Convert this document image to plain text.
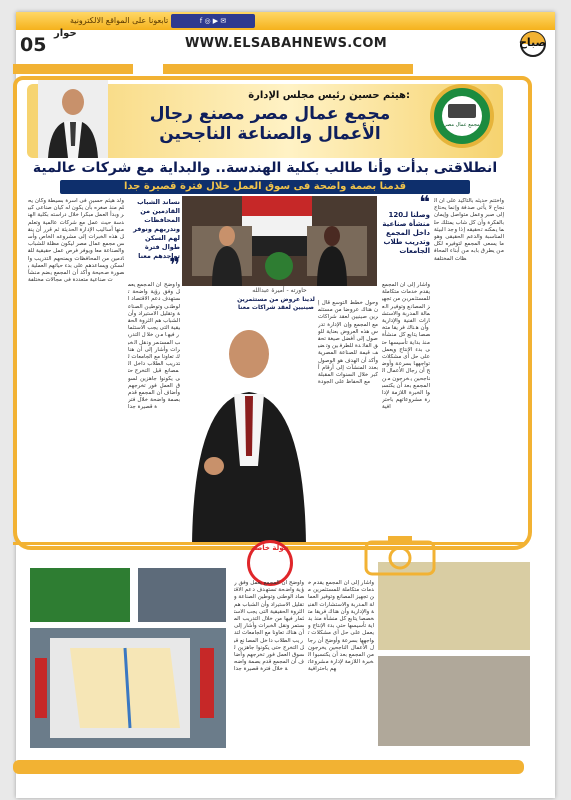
f ◎ ▶ ✉
تابعونا على المواقع الالكترونية
05
حوار
WWW.ELSABAHNEWS.COM	صباح
هيثم حسين رئيس مجلس الإدارة:
مجمع عمال مصر مصنع رجال
الأعمال والصناعة الناجحين	مجمع عمال مصر
انطلاقتى بدأت وأنا طالب بكلية الهندسة.. والبداية مع شركات عالمية
قدمنا بصمة واضحة فى سوق العمل خلال فترة قصيرة جدا
ولد هيثم حسين فى أسرة بسيطة وكان يحلم منذ صغره بأن يكون له كيان صناعى كبير وبدأ العمل مبكرا خلال دراسته بكلية الهندسة حيث عمل مع شركات عالمية وتعلم منها أساليب الإدارة الحديثة ثم قرر أن ينقل هذه الخبرات إلى مشروعه الخاص وأسس مجمع عمال مصر ليكون مظلة للشباب والصناعة معا ويوفر فرص عمل حقيقية للقادمين من المحافظات ويمنحهم التدريب والسكن ويساعدهم على بدء حياتهم العملية بصورة صحيحة وأكد أن المجمع يضم منشآت صناعية متعددة فى مجالات مختلفة
وأوضح أن المجمع يعمل وفق رؤية واضحة تستهدف دعم الاقتصاد الوطنى وتوطين الصناعة وتقليل الاستيراد وأن الشباب هم الثروة الحقيقية التى يجب الاستثمار فيها من خلال التدريب المستمر ونقل الخبرات وأشار إلى أن هناك تعاونا مع الجامعات لتدريب الطلاب داخل المصانع قبل التخرج حتى يكونوا جاهزين لسوق العمل فور تخرجهم وأضاف أن المجمع قدم بصمة واضحة خلال فترة قصيرة جدا
وحول خطط التوسع قال إن هناك عروضا من مستثمرين صينيين لعقد شراكات مع المجمع وإن الإدارة تدرس هذه العروض بعناية للوصول إلى أفضل صيغة تحقق الفائدة للطرفين وتضيف قيمة للصناعة المصرية وأكد أن الهدف هو الوصول بعدد المنشآت إلى أرقام أكبر خلال السنوات المقبلة مع الحفاظ على الجودة
وأشار إلى أن المجمع يقدم خدمات متكاملة للمستثمرين من تجهيز المصانع وتوفير العمالة المدربة والاستشارات الفنية والإدارية وأن هناك فريقا متخصصا يتابع كل منشأة منذ بداية تأسيسها حتى بدء الإنتاج ويعمل على حل أى مشكلات تواجهها بسرعة وأوضح أن رجال الأعمال الناجحين يخرجون من المجمع بعد أن يكتسبوا الخبرة اللازمة لإدارة مشروعاتهم باحترافية
واختتم حديثه بالتأكيد على أن النجاح لا يأتى صدفة وإنما يحتاج إلى صبر وعمل متواصل وإيمان بالفكرة وأن كل شاب يمتلك حلما يمكنه تحقيقه إذا وجد البيئة المناسبة والدعم الحقيقى وهو ما يسعى المجمع لتوفيره لكل من يطرق بابه من أبناء المحافظات المختلفة
نساند الشباب القادمين من المحافظات وندربهم ونوفر لهم السكن طوال فترة تواجدهم معنا
❞
❝
وصلنا لـ120 منشأة صناعية داخل المجمع وتدريب طلاب الجامعات
حاورته - أميرة عبدالله
لدينا عروض من مستثمرين صينيين لعقد شراكات معنا
جولة خاصة
وأوضح أن المجمع يعمل وفق رؤية واضحة تستهدف دعم الاقتصاد الوطنى وتوطين الصناعة وتقليل الاستيراد وأن الشباب هم الثروة الحقيقية التى يجب الاستثمار فيها من خلال التدريب المستمر ونقل الخبرات وأشار إلى أن هناك تعاونا مع الجامعات لتدريب الطلاب داخل المصانع قبل التخرج حتى يكونوا جاهزين لسوق العمل فور تخرجهم وأضاف أن المجمع قدم بصمة واضحة خلال فترة قصيرة جدا
وأشار إلى أن المجمع يقدم خدمات متكاملة للمستثمرين من تجهيز المصانع وتوفير العمالة المدربة والاستشارات الفنية والإدارية وأن هناك فريقا متخصصا يتابع كل منشأة منذ بداية تأسيسها حتى بدء الإنتاج ويعمل على حل أى مشكلات تواجهها بسرعة وأوضح أن رجال الأعمال الناجحين يخرجون من المجمع بعد أن يكتسبوا الخبرة اللازمة لإدارة مشروعاتهم باحترافية
